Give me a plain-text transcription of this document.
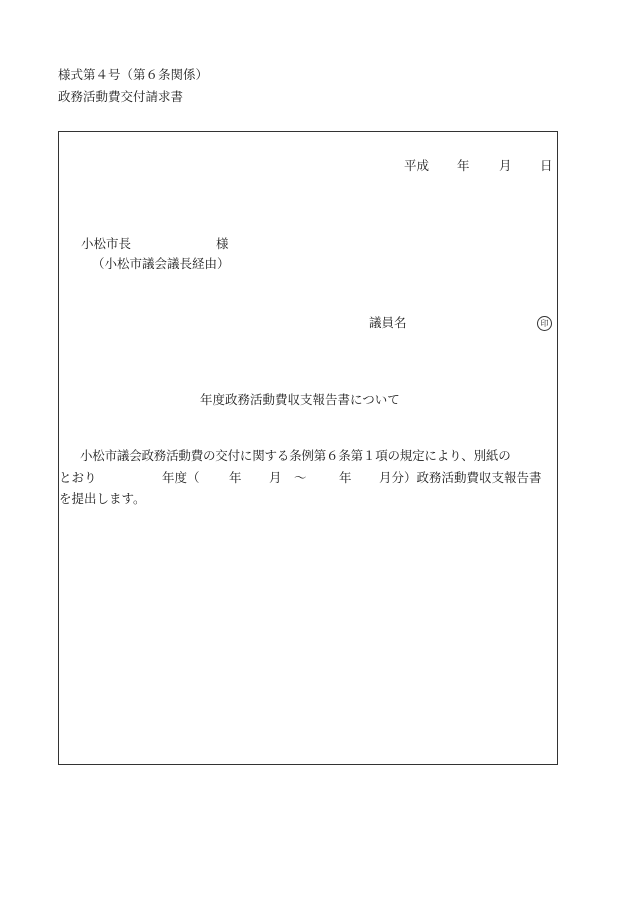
様式第４号（第６条関係）
政務活動費交付請求書
平成 年 月 日
小松市長	様
（小松市議会議長経由）
議員名	印
年度政務活動費収支報告書について
小松市議会政務活動費の交付に関する条例第６条第１項の規定により、別紙の
とおり	年度（ 年 月　～	年 月分）政務活動費収支報告書
を提出します。
